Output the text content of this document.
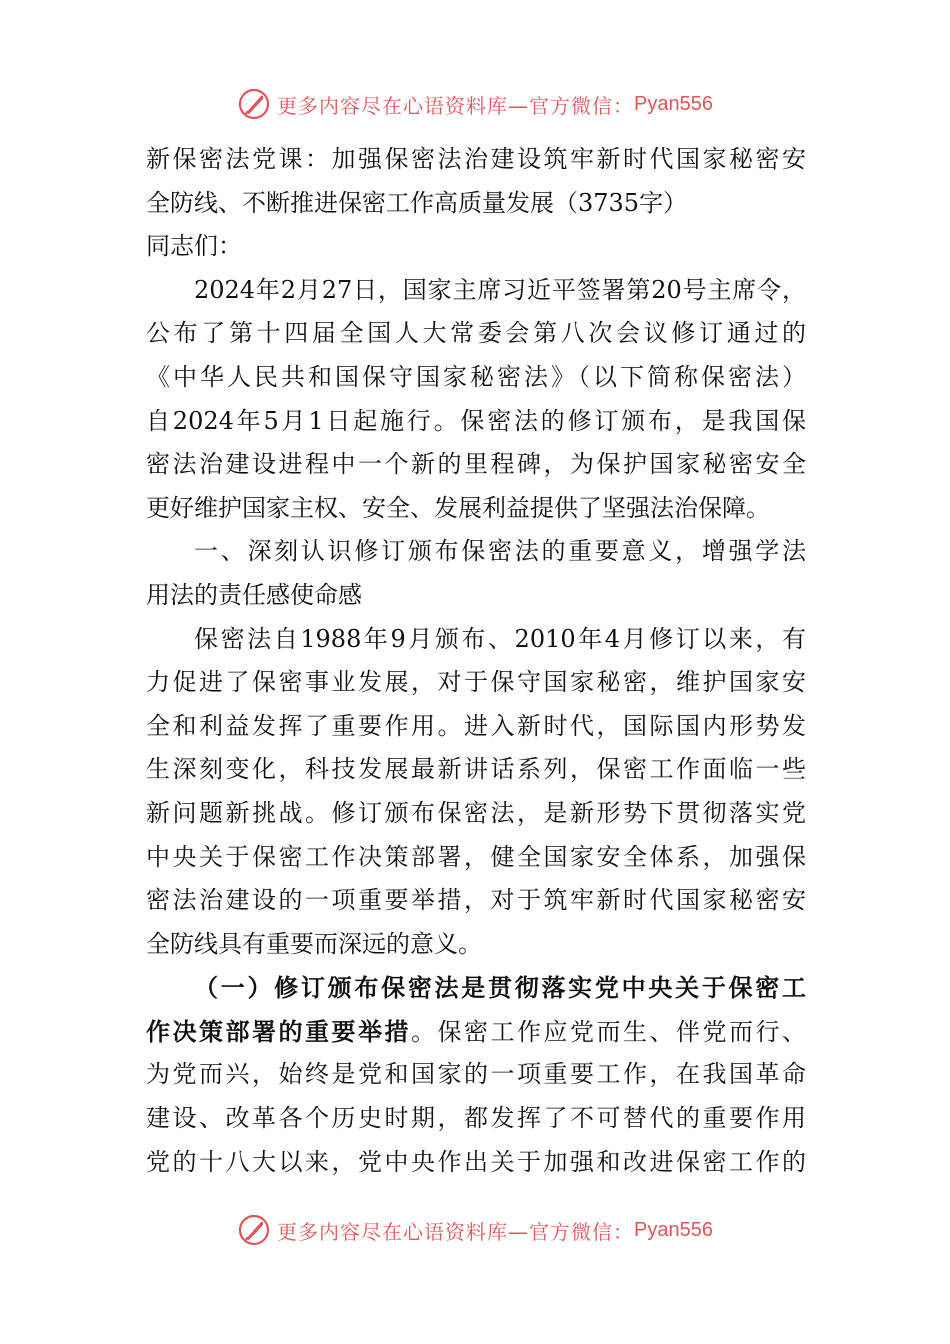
更多内容尽在心语资料库—官方微信： Pyan556
新保密法党课：加强保密法治建设筑牢新时代国家秘密安
全防线、不断推进保密工作高质量发展（3735字）
同志们：
2024年2月27日，国家主席习近平签署第20号主席令，
公布了第十四届全国人大常委会第八次会议修订通过的
《中华人民共和国保守国家秘密法》（以下简称保密法）
自2024年5月1日起施行。保密法的修订颁布，是我国保
密法治建设进程中一个新的里程碑，为保护国家秘密安全
更好维护国家主权、安全、发展利益提供了坚强法治保障。
一、深刻认识修订颁布保密法的重要意义，增强学法
用法的责任感使命感
保密法自1988年9月颁布、2010年4月修订以来，有
力促进了保密事业发展，对于保守国家秘密，维护国家安
全和利益发挥了重要作用。进入新时代，国际国内形势发
生深刻变化，科技发展最新讲话系列，保密工作面临一些
新问题新挑战。修订颁布保密法，是新形势下贯彻落实党
中央关于保密工作决策部署，健全国家安全体系，加强保
密法治建设的一项重要举措，对于筑牢新时代国家秘密安
全防线具有重要而深远的意义。
（一）修订颁布保密法是贯彻落实党中央关于保密工
作决策部署的重要举措。保密工作应党而生、伴党而行、
为党而兴，始终是党和国家的一项重要工作，在我国革命
建设、改革各个历史时期，都发挥了不可替代的重要作用
党的十八大以来，党中央作出关于加强和改进保密工作的
更多内容尽在心语资料库—官方微信： Pyan556
